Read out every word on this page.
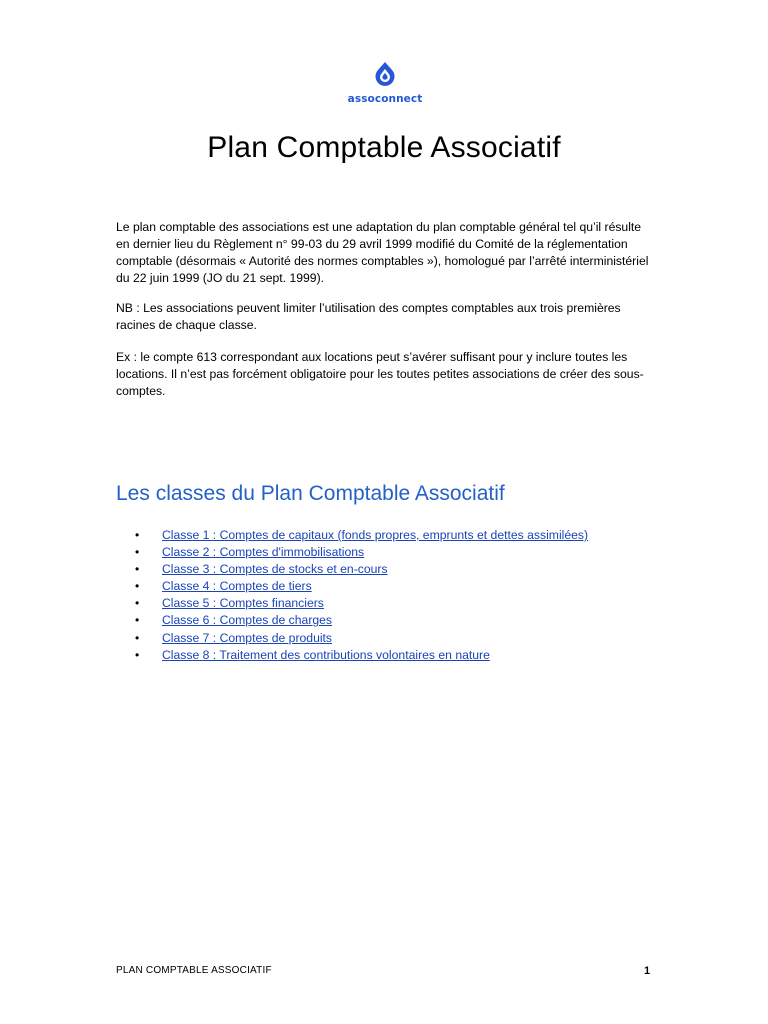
assoconnect
Plan Comptable Associatif

Le plan comptable des associations est une adaptation du plan comptable général tel qu’il résulte en dernier lieu du Règlement n° 99-03 du 29 avril 1999 modifié du Comité de la réglementation comptable (désormais « Autorité des normes comptables »), homologué par l’arrêté interministériel du 22 juin 1999 (JO du 21 sept. 1999).

NB : Les associations peuvent limiter l’utilisation des comptes comptables aux trois premières racines de chaque classe.

Ex : le compte 613 correspondant aux locations peut s’avérer suffisant pour y inclure toutes les locations. Il n’est pas forcément obligatoire pour les toutes petites associations de créer des sous-comptes.

Les classes du Plan Comptable Associatif
• Classe 1 : Comptes de capitaux (fonds propres, emprunts et dettes assimilées)
• Classe 2 : Comptes d'immobilisations
• Classe 3 : Comptes de stocks et en-cours
• Classe 4 : Comptes de tiers
• Classe 5 : Comptes financiers
• Classe 6 : Comptes de charges
• Classe 7 : Comptes de produits
• Classe 8 : Traitement des contributions volontaires en nature
PLAN COMPTABLE ASSOCIATIF	1
